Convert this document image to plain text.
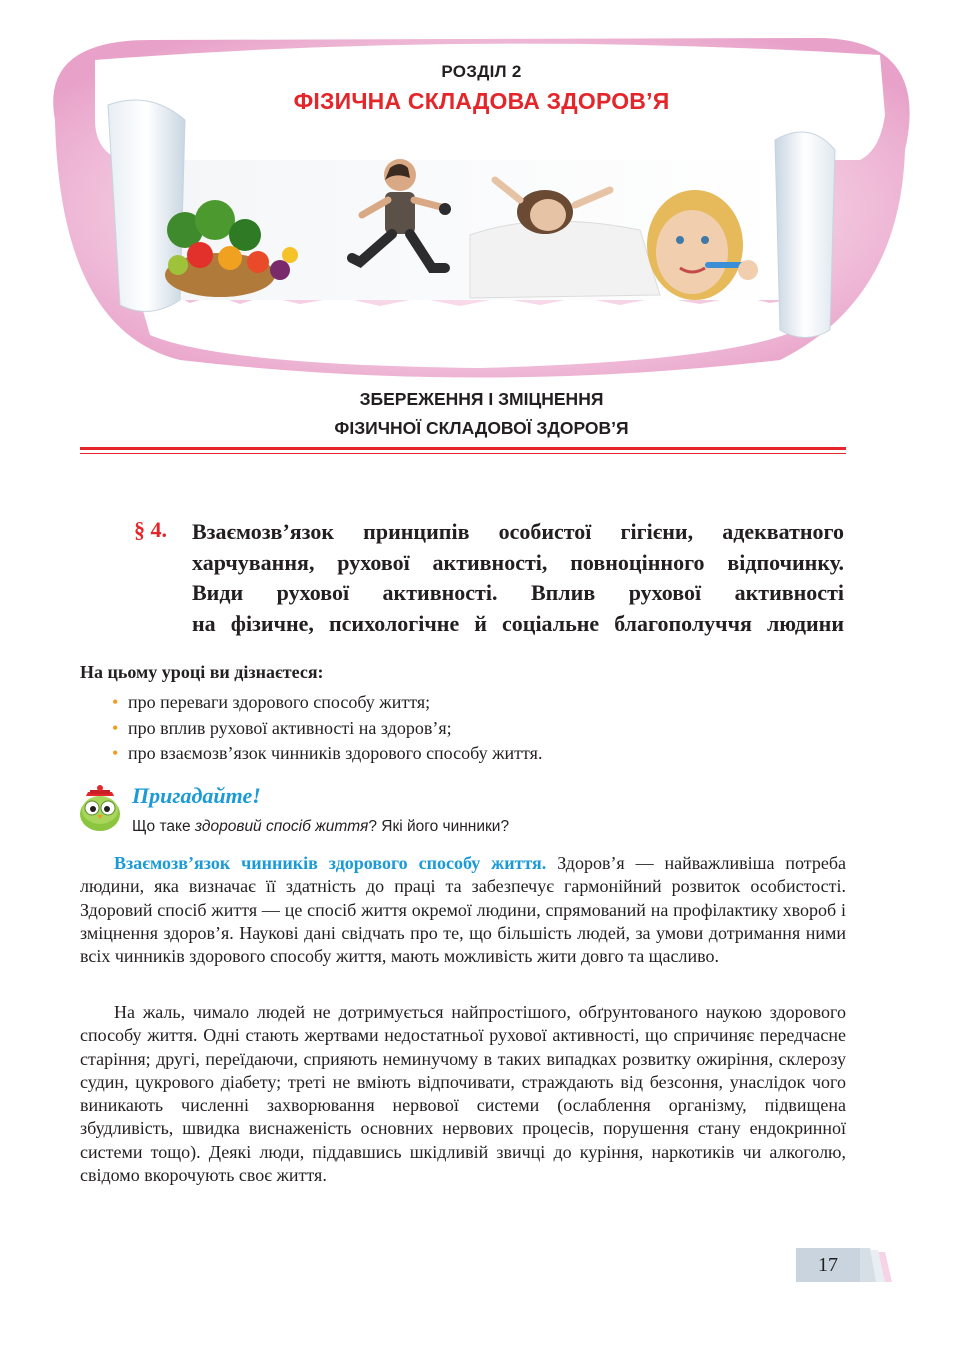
РОЗДІЛ 2
ФІЗИЧНА СКЛАДОВА ЗДОРОВ’Я
ЗБЕРЕЖЕННЯ І ЗМІЦНЕННЯ
ФІЗИЧНОЇ СКЛАДОВОЇ ЗДОРОВ’Я
§ 4. Взаємозв’язок принципів особистої гігієни, адекватного
харчування, рухової активності, повноцінного відпочинку.
Види рухової активності. Вплив рухової активності
на фізичне, психологічне й соціальне благополуччя людини
На цьому уроці ви дізнаєтеся:
• про переваги здорового способу життя;
• про вплив рухової активності на здоров’я;
• про взаємозв’язок чинників здорового способу життя.
Пригадайте!
Що таке здоровий спосіб життя? Які його чинники?

Взаємозв’язок чинників здорового способу життя. Здоров’я — найважливіша потреба людини, яка визначає її здатність до праці та забезпечує гармонійний розвиток особистості. Здоровий спосіб життя — це спосіб життя окремої людини, спрямований на профілактику хвороб і зміцнення здоров’я. Наукові дані свідчать про те, що більшість людей, за умови дотримання ними всіх чинників здорового способу життя, мають можливість жити довго та щасливо.

На жаль, чимало людей не дотримується найпростішого, обґрунтованого наукою здорового способу життя. Одні стають жертвами недостатньої рухової активності, що спричиняє передчасне старіння; другі, переїдаючи, сприяють неминучому в таких випадках розвитку ожиріння, склерозу судин, цукрового діабету; треті не вміють відпочивати, страждають від безсоння, унаслідок чого виникають численні захворювання нервової системи (ослаблення організму, підвищена збудливість, швидка виснаженість основних нервових процесів, порушення стану ендокринної системи тощо). Деякі люди, піддавшись шкідливій звичці до куріння, наркотиків чи алкоголю, свідомо вкорочують своє життя.

17
